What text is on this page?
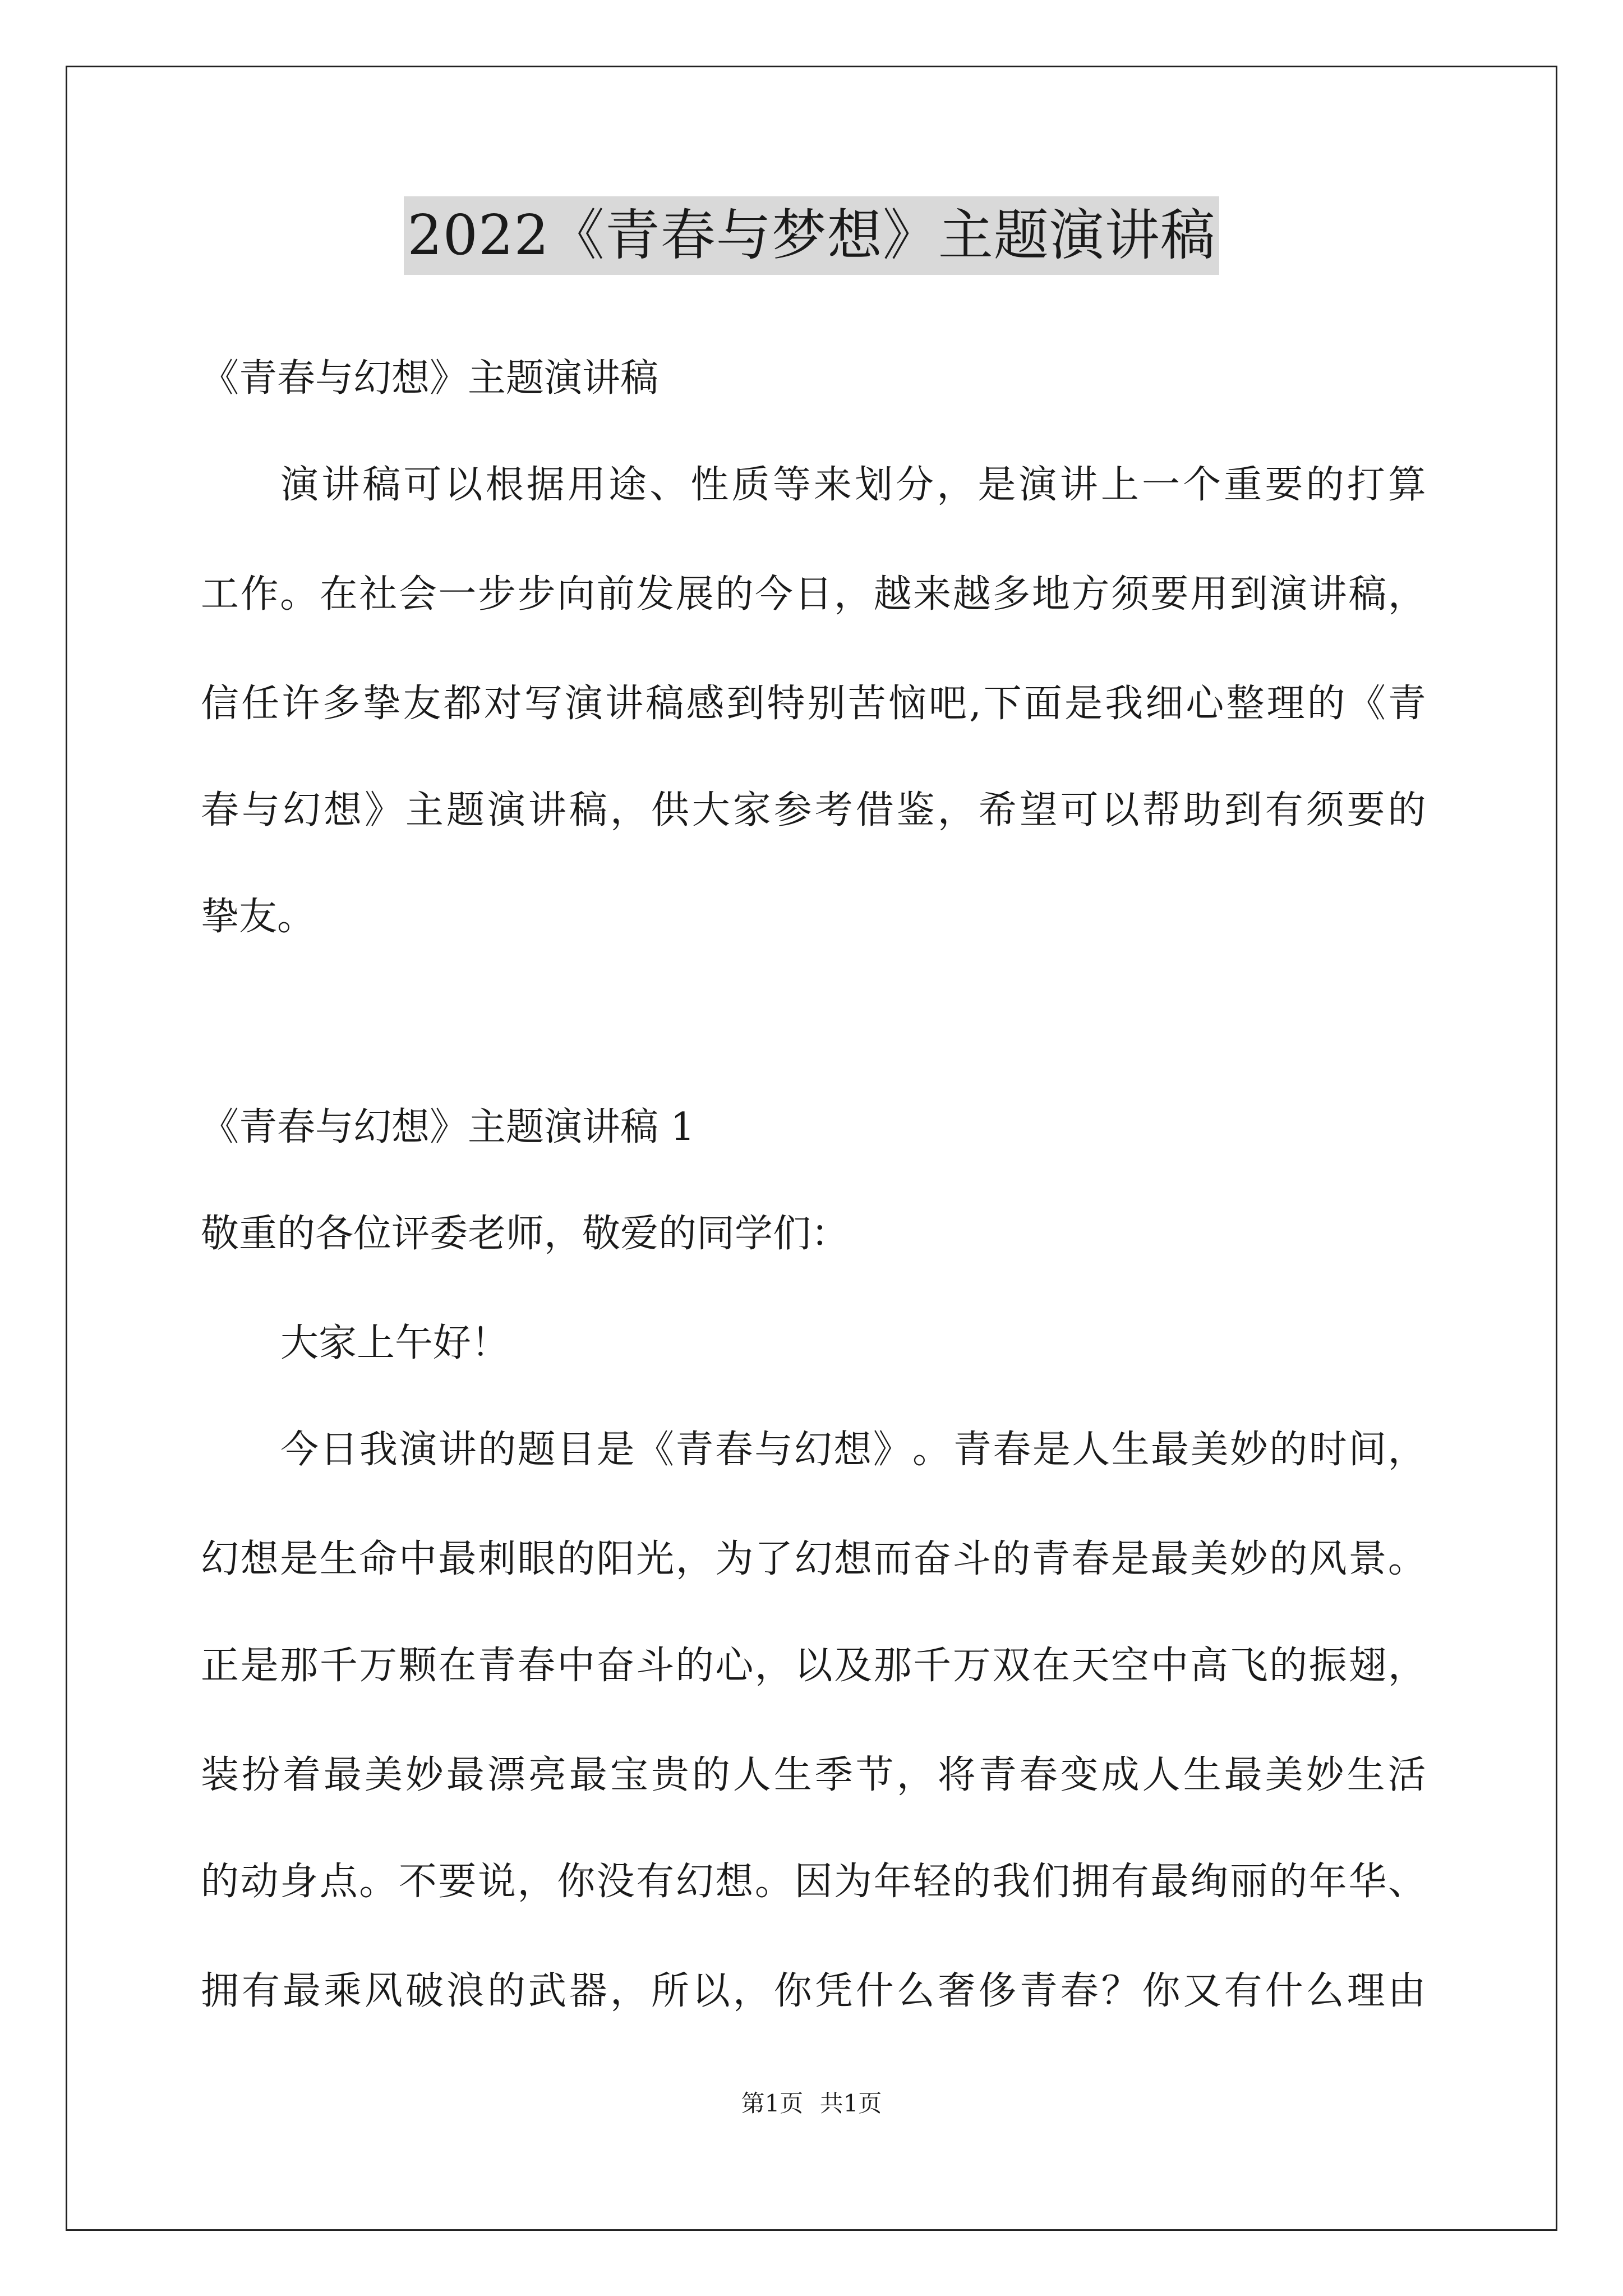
2022《青春与梦想》主题演讲稿

《青春与幻想》主题演讲稿

演 讲 稿 可 以 根 据 用 途 、 性 质 等 来 划 分 ， 是 演 讲 上 一 个 重 要 的 打 算

工 作 。 在 社 会 一 步 步 向 前 发 展 的 今 日 ， 越 来 越 多 地 方 须 要 用 到 演 讲 稿 ，

信 任 许 多 挚 友 都 对 写 演 讲 稿 感 到 特 别 苦 恼 吧 , 下 面 是 我 细 心 整 理 的 《 青

春 与 幻 想 》 主 题 演 讲 稿 ， 供 大 家 参 考 借 鉴 ， 希 望 可 以 帮 助 到 有 须 要 的

挚友。

《青春与幻想》主题演讲稿 1

敬重的各位评委老师，敬爱的同学们：

大家上午好！

今 日 我 演 讲 的 题 目 是 《 青 春 与 幻 想 》 。 青 春 是 人 生 最 美 妙 的 时 间 ，

幻 想 是 生 命 中 最 刺 眼 的 阳 光 ， 为 了 幻 想 而 奋 斗 的 青 春 是 最 美 妙 的 风 景 。

正 是 那 千 万 颗 在 青 春 中 奋 斗 的 心 ， 以 及 那 千 万 双 在 天 空 中 高 飞 的 振 翅 ，

装 扮 着 最 美 妙 最 漂 亮 最 宝 贵 的 人 生 季 节 ， 将 青 春 变 成 人 生 最 美 妙 生 活

的 动 身 点 。 不 要 说 ， 你 没 有 幻 想 。 因 为 年 轻 的 我 们 拥 有 最 绚 丽 的 年 华 、

拥 有 最 乘 风 破 浪 的 武 器 ， 所 以 ， 你 凭 什 么 奢 侈 青 春 ？ 你 又 有 什 么 理 由

第1页 共1页
